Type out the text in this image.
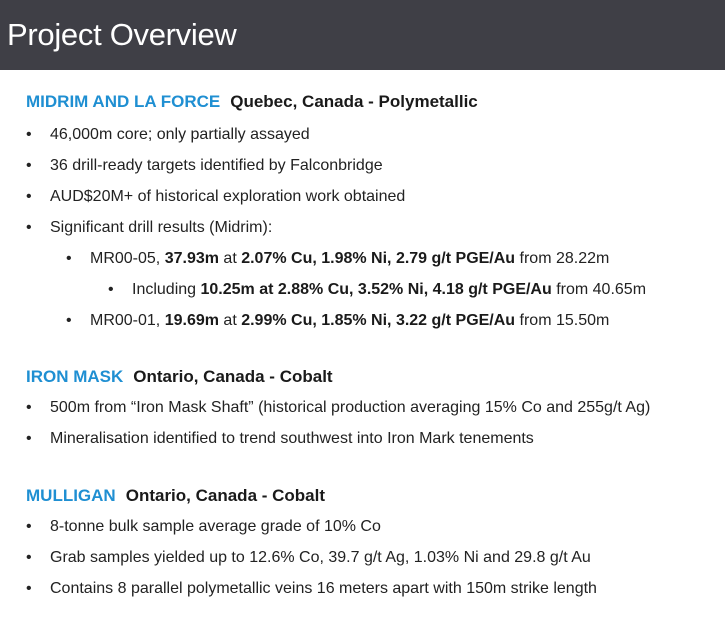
Project Overview
MIDRIM AND LA FORCE Quebec, Canada - Polymetallic
• 46,000m core; only partially assayed
• 36 drill-ready targets identified by Falconbridge
• AUD$20M+ of historical exploration work obtained
• Significant drill results (Midrim):
• MR00-05, 37.93m at 2.07% Cu, 1.98% Ni, 2.79 g/t PGE/Au from 28.22m
• Including 10.25m at 2.88% Cu, 3.52% Ni, 4.18 g/t PGE/Au from 40.65m
• MR00-01, 19.69m at 2.99% Cu, 1.85% Ni, 3.22 g/t PGE/Au from 15.50m
IRON MASK Ontario, Canada - Cobalt
• 500m from “Iron Mask Shaft” (historical production averaging 15% Co and 255g/t Ag)
• Mineralisation identified to trend southwest into Iron Mark tenements
MULLIGAN Ontario, Canada - Cobalt
• 8-tonne bulk sample average grade of 10% Co
• Grab samples yielded up to 12.6% Co, 39.7 g/t Ag, 1.03% Ni and 29.8 g/t Au
• Contains 8 parallel polymetallic veins 16 meters apart with 150m strike length
